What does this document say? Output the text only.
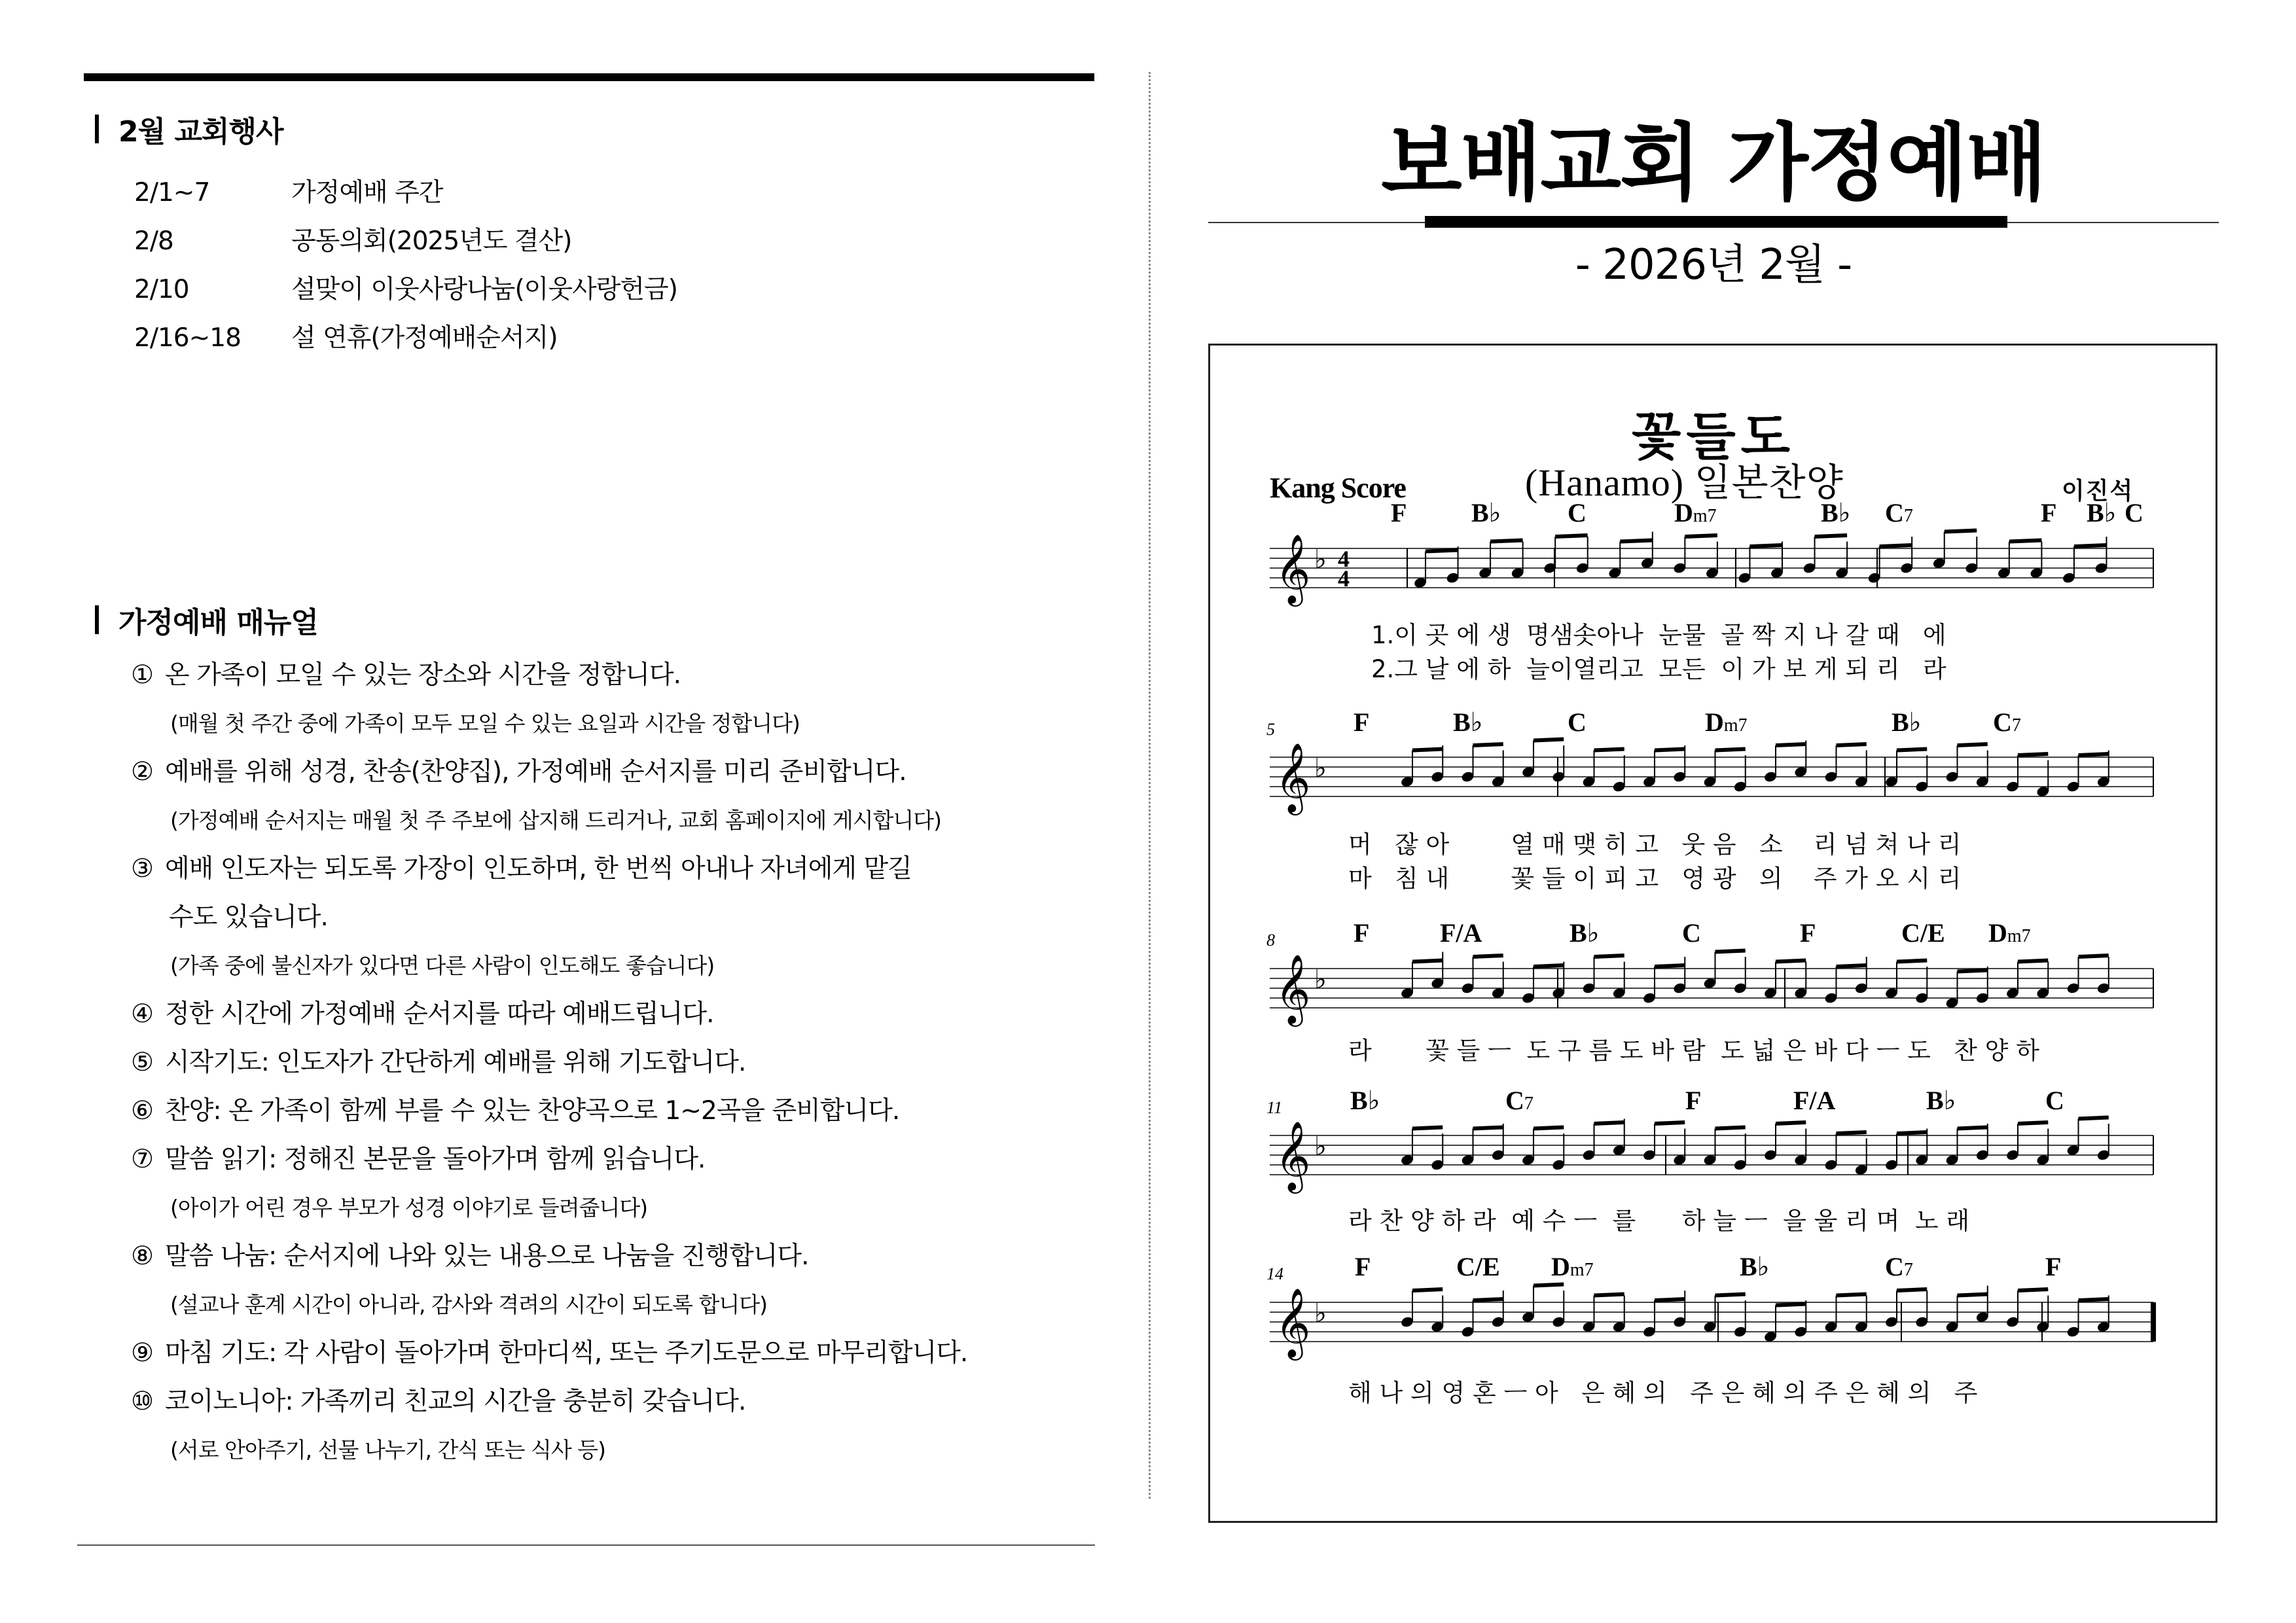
2월 교회행사
2/1~7	가정예배 주간
2/8	공동의회(2025년도 결산)
2/10	설맞이 이웃사랑나눔(이웃사랑헌금)
2/16~18	설 연휴(가정예배순서지)
가정예배 매뉴얼
① 온 가족이 모일 수 있는 장소와 시간을 정합니다.
(매월 첫 주간 중에 가족이 모두 모일 수 있는 요일과 시간을 정합니다)
② 예배를 위해 성경, 찬송(찬양집), 가정예배 순서지를 미리 준비합니다.
(가정예배 순서지는 매월 첫 주 주보에 삽지해 드리거나, 교회 홈페이지에 게시합니다)
③ 예배 인도자는 되도록 가장이 인도하며, 한 번씩 아내나 자녀에게 맡길
수도 있습니다.
(가족 중에 불신자가 있다면 다른 사람이 인도해도 좋습니다)
④ 정한 시간에 가정예배 순서지를 따라 예배드립니다.
⑤ 시작기도: 인도자가 간단하게 예배를 위해 기도합니다.
⑥ 찬양: 온 가족이 함께 부를 수 있는 찬양곡으로 1~2곡을 준비합니다.
⑦ 말씀 읽기: 정해진 본문을 돌아가며 함께 읽습니다.
(아이가 어린 경우 부모가 성경 이야기로 들려줍니다)
⑧ 말씀 나눔: 순서지에 나와 있는 내용으로 나눔을 진행합니다.
(설교나 훈계 시간이 아니라, 감사와 격려의 시간이 되도록 합니다)
⑨ 마침 기도: 각 사람이 돌아가며 한마디씩, 또는 주기도문으로 마무리합니다.
⑩ 코이노니아: 가족끼리 친교의 시간을 충분히 갖습니다.
(서로 안아주기, 선물 나누기, 간식 또는 식사 등)
보배교회 가정예배
- 2026년 2월 -
꽃들도
(Hanamo) 일본찬양
Kang Score	이진석
F B♭	C	Dm7	B♭ C7	F B♭ C
𝄞 ♭ 4
4
1.이 곳 에 생  명샘솟아나  눈물  골 짝 지 나 갈 때   에
2.그 날 에 하  늘이열리고  모든  이 가 보 게 되 리   라
5	F	B♭	C	Dm7	B♭	C7
𝄞 ♭
머   잖 아        열 매 맺 히 고   웃 음   소    리 넘 쳐 나 리
마   침 내        꽃 들 이 피 고   영 광   의    주 가 오 시 리
8	F	F/A	B♭	C	F	C/E Dm7
𝄞 ♭
라       꽃 들 ㅡ  도 구 름 도 바 람  도 넓 은 바 다 ㅡ 도   찬 양 하
11	B♭	C7	F	F/A	B♭	C
𝄞 ♭
라 찬 양 하 라  예 수 ㅡ  를      하 늘 ㅡ  을 울 리 며  노 래
14	F	C/E Dm7	B♭	C7	F
𝄞 ♭
해 나 의 영 혼 ㅡ 아   은 혜 의   주 은 혜 의 주 은 혜 의   주
